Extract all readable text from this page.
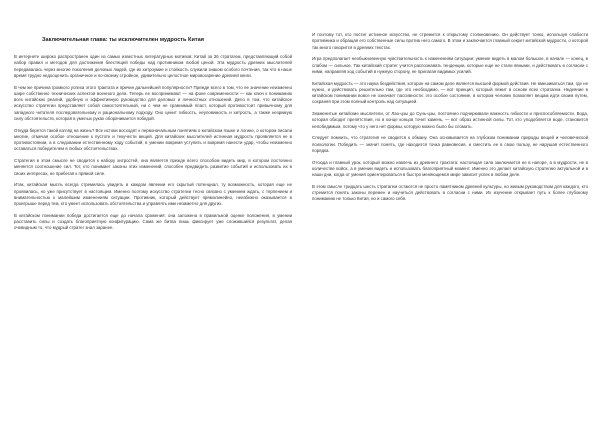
Заключительная глава: ты исключителен мудрость Китая

В интернете широко распространен один из самых известных литературных мотивов: Китай за 36 стратагем, представляющий собой набор правил и методов для достижения блестящей победы над противником любой ценой. Эта мудрость древних мыслителей передавалась через многие поколения деловых людей, где их хитроумие и стойкость служили знаком особого почтения, так что в наше время трудно недооценить органичное и по-своему стройное, удивительно целостное мировоззрение древней книги.

В чем же причина громкого успеха этого трактата и причин дальнейшей популярности? Прежде всего в том, что ее значение неизменно шире собственно технических аспектов военного дела. Теперь ее воспринимают — на фоне современности — как ключ к пониманию всех китайских реалий, удобную и эффективную руководство для деловых и личностных отношений. Дело в том, что китайское искусство стратегии представляет собой самостоятельный, ни с чем не сравнимый пласт, который противостоит привычному для западного читателя последовательному и рациональному подходу. Оно ценит гибкость, неуловимость и хитрость, а также незримую силу обстоятельств, которая в умелых руках оборачивается победой.

Откуда берется такой взгляд на жизнь? Все истоки восходят к первоначальным понятиям о китайском языке и логике, о котором писали многие, отмечая особое отношение к пустоте и текучести вещей. Для китайских мыслителей истинная мудрость проявляется не в противостоянии, а в следовании естественному ходу событий, в умении вовремя уступить и вовремя нанести удар, чтобы неизменно оставаться победителем в любых обстоятельствах.

Стратегия в этом смысле не сводится к набору хитростей, она является прежде всего способом видеть мир, в котором постоянно меняется соотношение сил. Тот, кто понимает законы этих изменений, способен предвидеть развитие событий и использовать их в своих интересах, не прибегая к прямой силе.

Итак, китайская мысль всегда стремилась увидеть в каждом явлении его скрытый потенциал, ту возможность, которая еще не проявилась, но уже присутствует в настоящем. Именно поэтому искусство стратегии тесно связано с умением ждать, с терпением и внимательностью к малейшим изменениям ситуации. Противник, который действует прямолинейно, неизбежно оказывается в проигрыше перед тем, кто умеет использовать обстоятельства и управлять ими незаметно для других.

В китайском понимании победа достигается еще до начала сражения: она заложена в правильной оценке положения, в умении расставить силы и создать благоприятную конфигурацию. Сама же битва лишь фиксирует уже сложившийся результат, делая очевидным то, что мудрый стратег знал заранее.

И поэтому тот, кто постиг истинное искусство, не стремится к открытому столкновению. Он действует тонко, используя слабости противника и обращая его собственные силы против него самого. В этом и заключается главный секрет китайской мудрости, о которой так много говорится в древних текстах.

Игра предполагает необыкновенную чувствительность к изменениям ситуации: умение видеть в малом большое, в начале — конец, в слабом — сильное. Так китайский стратег учится распознавать тенденции, которые еще не стали явными, и действовать в согласии с ними, направляя ход событий в нужную сторону, не прилагая видимых усилий.

Китайская мудрость — это наука бездействия, которое на самом деле является высшей формой действия. Не вмешиваться там, где не нужно, и действовать решительно там, где это необходимо, — вот принцип, который лежит в основе всех стратагем. Недеяние в китайском понимании вовсе не означает пассивности: это особое состояние, в котором человек позволяет вещам идти своим путем, сохраняя при этом полный контроль над ситуацией.

Знаменитые китайские мыслители, от Лао-цзы до Сунь-цзы, постоянно подчеркивали важность гибкости и приспособляемости. Вода, которая обходит препятствия, но в конце концов точит камень, — вот образ истинной силы. Тот, кто уподобляется воде, становится непобедимым, потому что у него нет формы, которую можно было бы сломать.

Следует помнить, что стратегия не сводится к обману. Она основывается на глубоком понимании природы вещей и человеческой психологии. Победить — значит понять, где находится точка равновесия, и сместить ее в свою пользу, не нарушая естественного порядка.

Отсюда и главный урок, который можно извлечь из древнего трактата: настоящая сила заключается не в напоре, а в мудрости, не в количестве войск, а в умении видеть и использовать благоприятный момент. Именно это делает китайскую стратегию актуальной и в наши дни, когда от умения ориентироваться в быстро меняющемся мире зависит успех в любом деле.

В этом смысле тридцать шесть стратагем остаются не просто памятником древней культуры, но живым руководством для каждого, кто стремится понять законы перемен и научиться действовать в согласии с ними. Их изучение открывает путь к более глубокому пониманию не только Китая, но и самого себя.
